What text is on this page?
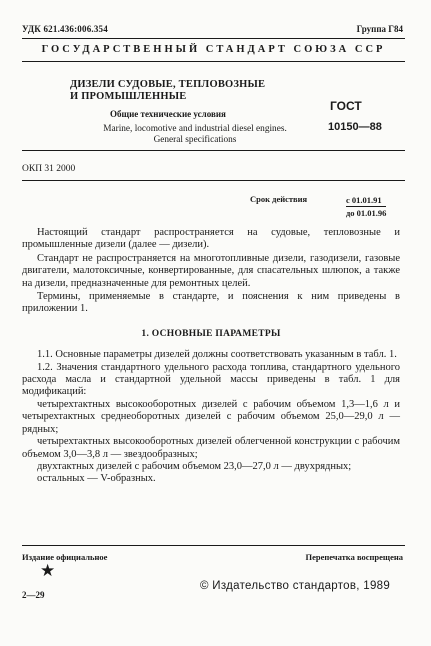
УДК 621.436:006.354	Группа Г84
ГОСУДАРСТВЕННЫЙ СТАНДАРТ СОЮЗА ССР
ДИЗЕЛИ СУДОВЫЕ, ТЕПЛОВОЗНЫЕ
И ПРОМЫШЛЕННЫЕ
Общие технические условия
Marine, locomotive and industrial diesel engines.
General specifications
ГОСТ
10150—88
ОКП 31 2000
Срок действия	с 01.01.91
до 01.01.96

Настоящий стандарт распространяется на судовые, тепловозные и промышленные дизели (далее — дизели).

Стандарт не распространяется на многотопливные дизели, газодизели, газовые двигатели, малотоксичные, конвертированные, для спасательных шлюпок, а также на дизели, предназначенные для ремонтных целей.

Термины, применяемые в стандарте, и пояснения к ним приведены в приложении 1.

1. ОСНОВНЫЕ ПАРАМЕТРЫ

1.1. Основные параметры дизелей должны соответствовать указанным в табл. 1.

1.2. Значения стандартного удельного расхода топлива, стандартного удельного расхода масла и стандартной удельной массы приведены в табл. 1 для модификаций:

четырехтактных высокооборотных дизелей с рабочим объемом 1,3—1,6 л и четырехтактных среднеоборотных дизелей с рабочим объемом 25,0—29,0 л — рядных;

четырехтактных высокооборотных дизелей облегченной конструкции с рабочим объемом 3,0—3,8 л — звездообразных;

двухтактных дизелей с рабочим объемом 23,0—27,0 л — двухрядных;

остальных — V-образных.

Издание официальное	Перепечатка воспрещена
★
© Издательство стандартов, 1989
2—29
